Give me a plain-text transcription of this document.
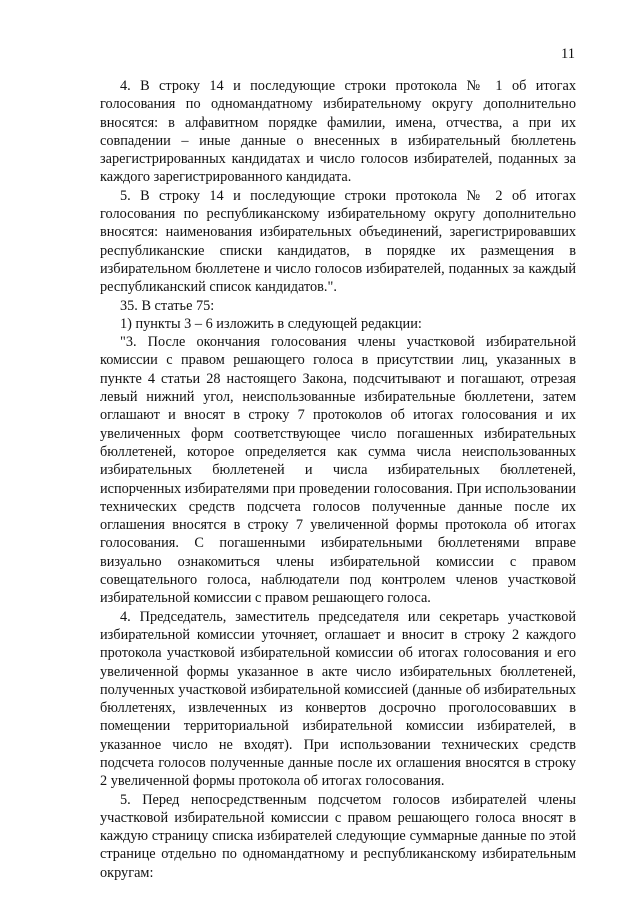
11

4. В строку 14 и последующие строки протокола № 1 об итогах голосования по одномандатному избирательному округу дополнительно вносятся: в алфавитном порядке фамилии, имена, отчества, а при их совпадении – иные данные о внесенных в избирательный бюллетень зарегистрированных кандидатах и число голосов избирателей, поданных за каждого зарегистрированного кандидата.

5. В строку 14 и последующие строки протокола № 2 об итогах голосования по республиканскому избирательному округу дополнительно вносятся: наименования избирательных объединений, зарегистрировавших республиканские списки кандидатов, в порядке их размещения в избирательном бюллетене и число голосов избирателей, поданных за каждый республиканский список кандидатов.".

35. В статье 75:

1) пункты 3 – 6 изложить в следующей редакции:

"3. После окончания голосования члены участковой избирательной комиссии с правом решающего голоса в присутствии лиц, указанных в пункте 4 статьи 28 настоящего Закона, подсчитывают и погашают, отрезая левый нижний угол, неиспользованные избирательные бюллетени, затем оглашают и вносят в строку 7 протоколов об итогах голосования и их увеличенных форм соответствующее число погашенных избирательных бюллетеней, которое определяется как сумма числа неиспользованных избирательных бюллетеней и числа избирательных бюллетеней, испорченных избирателями при проведении голосования. При использовании технических средств подсчета голосов полученные данные после их оглашения вносятся в строку 7 увеличенной формы протокола об итогах голосования. С погашенными избирательными бюллетенями вправе визуально ознакомиться члены избирательной комиссии с правом совещательного голоса, наблюдатели под контролем членов участковой избирательной комиссии с правом решающего голоса.

4. Председатель, заместитель председателя или секретарь участковой избирательной комиссии уточняет, оглашает и вносит в строку 2 каждого протокола участковой избирательной комиссии об итогах голосования и его увеличенной формы указанное в акте число избирательных бюллетеней, полученных участковой избирательной комиссией (данные об избирательных бюллетенях, извлеченных из конвертов досрочно проголосовавших в помещении территориальной избирательной комиссии избирателей, в указанное число не входят). При использовании технических средств подсчета голосов полученные данные после их оглашения вносятся в строку 2 увеличенной формы протокола об итогах голосования.

5. Перед непосредственным подсчетом голосов избирателей члены участковой избирательной комиссии с правом решающего голоса вносят в каждую страницу списка избирателей следующие суммарные данные по этой странице отдельно по одномандатному и республиканскому избирательным округам:
